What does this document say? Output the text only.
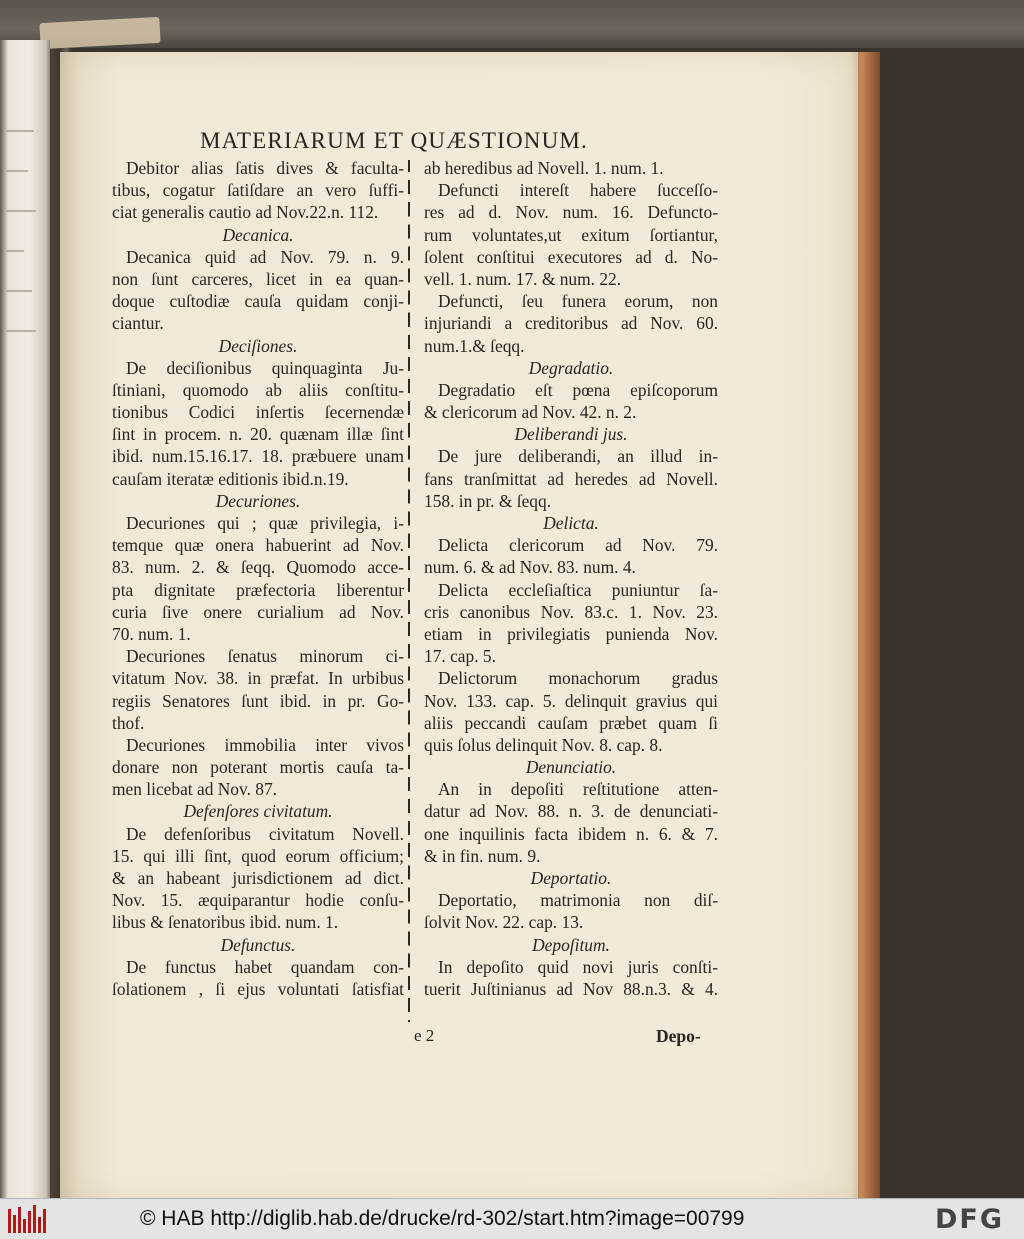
MATERIARUM ET QUÆSTIONUM.
Debitor alias ſatis dives & faculta-
tibus, cogatur ſatiſdare an vero ſuffi-
ciat generalis cautio ad Nov.22.n. 112.
Decanica.
Decanica quid ad Nov. 79. n. 9.
non ſunt carceres, licet in ea quan-
doque cuſtodiæ cauſa quidam conji-
ciantur.
Deciſiones.
De deciſionibus quinquaginta Ju-
ſtiniani, quomodo ab aliis conſtitu-
tionibus Codici inſertis ſecernendæ
ſint in procem. n. 20. quænam illæ ſint
ibid. num.15.16.17. 18. præbuere unam
cauſam iteratæ editionis ibid.n.19.
Decuriones.
Decuriones qui ; quæ privilegia, i-
temque quæ onera habuerint ad Nov.
83. num. 2. & ſeqq. Quomodo acce-
pta dignitate præfectoria liberentur
curia ſive onere curialium ad Nov.
70. num. 1.
Decuriones ſenatus minorum ci-
vitatum Nov. 38. in præfat. In urbibus
regiis Senatores ſunt ibid. in pr. Go-
thof.
Decuriones immobilia inter vivos
donare non poterant mortis cauſa ta-
men licebat ad Nov. 87.
Defenſores civitatum.
De defenſoribus civitatum Novell.
15. qui illi ſint, quod eorum officium;
& an habeant jurisdictionem ad dict.
Nov. 15. æquiparantur hodie conſu-
libus & ſenatoribus ibid. num. 1.
Defunctus.
De functus habet quandam con-
ſolationem , ſi ejus voluntati ſatisfiat
ab heredibus ad Novell. 1. num. 1.
Defuncti intereſt habere ſucceſſo-
res ad d. Nov. num. 16. Defuncto-
rum voluntates,ut exitum ſortiantur,
ſolent conſtitui executores ad d. No-
vell. 1. num. 17. & num. 22.
Defuncti, ſeu funera eorum, non
injuriandi a creditoribus ad Nov. 60.
num.1.& ſeqq.
Degradatio.
Degradatio eſt pœna epiſcoporum
& clericorum ad Nov. 42. n. 2.
Deliberandi jus.
De jure deliberandi, an illud in-
fans tranſmittat ad heredes ad Novell.
158. in pr. & ſeqq.
Delicta.
Delicta clericorum ad Nov. 79.
num. 6. & ad Nov. 83. num. 4.
Delicta eccleſiaſtica puniuntur ſa-
cris canonibus Nov. 83.c. 1. Nov. 23.
etiam in privilegiatis punienda Nov.
17. cap. 5.
Delictorum monachorum gradus
Nov. 133. cap. 5. delinquit gravius qui
aliis peccandi cauſam præbet quam ſi
quis ſolus delinquit Nov. 8. cap. 8.
Denunciatio.
An in depoſiti reſtitutione atten-
datur ad Nov. 88. n. 3. de denunciati-
one inquilinis facta ibidem n. 6. & 7.
& in fin. num. 9.
Deportatio.
Deportatio, matrimonia non diſ-
ſolvit Nov. 22. cap. 13.
Depoſitum.
In depoſito quid novi juris conſti-
tuerit Juſtinianus ad Nov 88.n.3. & 4.
e 2	Depo-
© HAB http://diglib.hab.de/drucke/rd-302/start.htm?image=00799	DFG
